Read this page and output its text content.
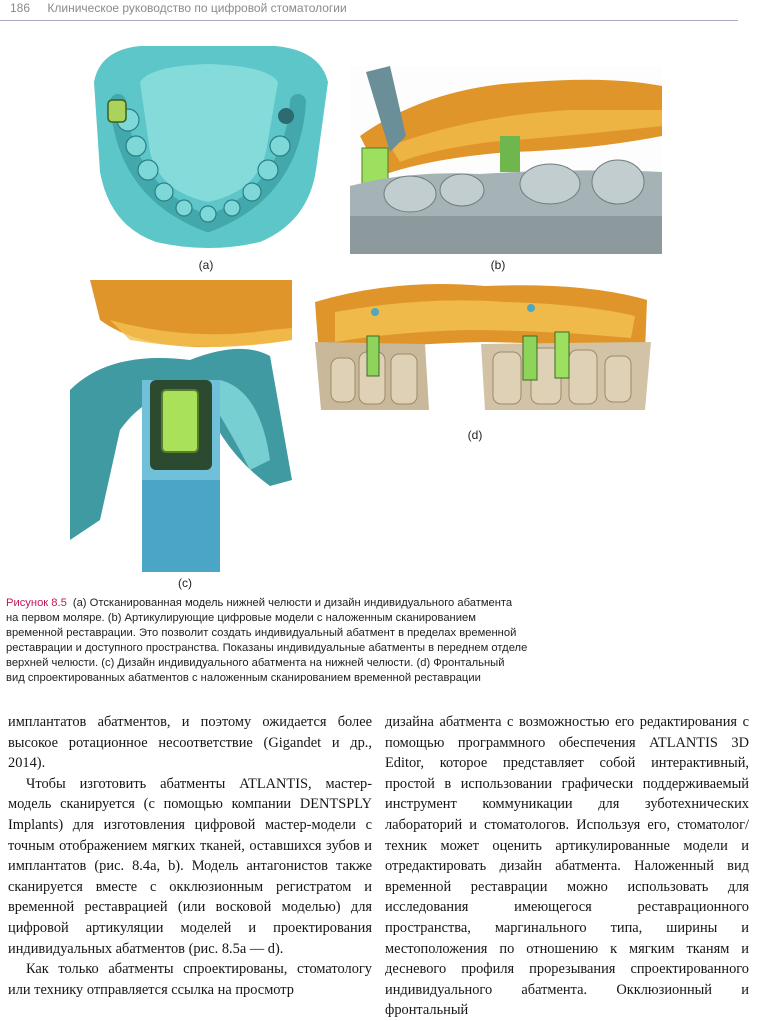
186 Клиническое руководство по цифровой стоматологии
(a)	(b)
(c)
(d)
Рисунок 8.5 (a) Отсканированная модель нижней челюсти и дизайн индивидуального абатмента
на первом моляре. (b) Артикулирующие цифровые модели с наложенным сканированием
временной реставрации. Это позволит создать индивидуальный абатмент в пределах временной
реставрации и доступного пространства. Показаны индивидуальные абатменты в переднем отделе
верхней челюсти. (c) Дизайн индивидуального абатмента на нижней челюсти. (d) Фронтальный
вид спроектированных абатментов с наложенным сканированием временной реставрации

имплантатов абатментов, и поэтому ожидается более высокое ротационное несоответствие (Gigandet и др., 2014).

Чтобы изготовить абатменты ATLANTIS, мастер-модель сканируется (с помощью компании DENTSPLY Implants) для изготовления цифровой мастер-модели с точным отображением мягких тканей, оставшихся зубов и имплантатов (рис. 8.4a, b). Модель антагонистов также сканируется вместе с окклюзионным регистратом и временной реставрацией (или восковой моделью) для цифровой артикуляции моделей и проектирования индивидуальных абатментов (рис. 8.5a — d).

Как только абатменты спроектированы, стоматологу или технику отправляется ссылка на просмотр

дизайна абатмента с возможностью его редактирования с помощью программного обеспечения ATLANTIS 3D Editor, которое представляет собой интерактивный, простой в использовании графически поддерживаемый инструмент коммуникации для зуботехнических лабораторий и стоматологов. Используя его, стоматолог/техник может оценить артикулированные модели и отредактировать дизайн абатмента. Наложенный вид временной реставрации можно использовать для исследования имеющегося реставрационного пространства, маргинального типа, ширины и местоположения по отношению к мягким тканям и десневого профиля прорезывания спроектированного индивидуального абатмента. Окклюзионный и фронтальный
